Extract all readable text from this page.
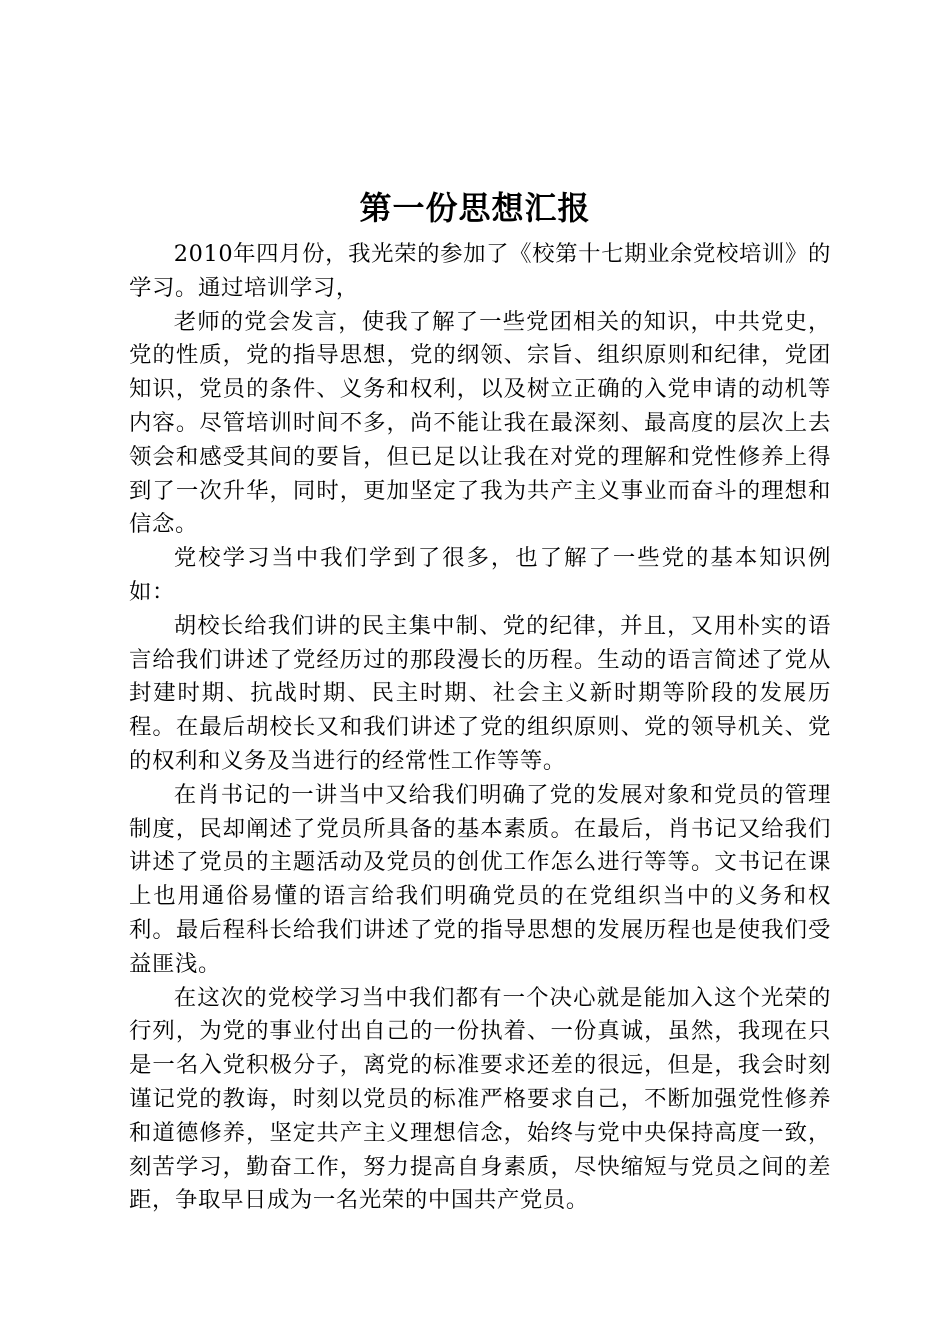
第一份思想汇报

2010年四月份，我光荣的参加了《校第十七期业余党校培训》的学习。通过培训学习，

老师的党会发言，使我了解了一些党团相关的知识，中共党史，党的性质，党的指导思想，党的纲领、宗旨、组织原则和纪律，党团知识，党员的条件、义务和权利，以及树立正确的入党申请的动机等内容。尽管培训时间不多，尚不能让我在最深刻、最高度的层次上去领会和感受其间的要旨，但已足以让我在对党的理解和党性修养上得到了一次升华，同时，更加坚定了我为共产主义事业而奋斗的理想和信念。

党校学习当中我们学到了很多，也了解了一些党的基本知识例如：

胡校长给我们讲的民主集中制、党的纪律，并且，又用朴实的语言给我们讲述了党经历过的那段漫长的历程。生动的语言简述了党从封建时期、抗战时期、民主时期、社会主义新时期等阶段的发展历程。在最后胡校长又和我们讲述了党的组织原则、党的领导机关、党的权利和义务及当进行的经常性工作等等。

在肖书记的一讲当中又给我们明确了党的发展对象和党员的管理制度，民却阐述了党员所具备的基本素质。在最后，肖书记又给我们讲述了党员的主题活动及党员的创优工作怎么进行等等。文书记在课上也用通俗易懂的语言给我们明确党员的在党组织当中的义务和权利。最后程科长给我们讲述了党的指导思想的发展历程也是使我们受益匪浅。

在这次的党校学习当中我们都有一个决心就是能加入这个光荣的行列，为党的事业付出自己的一份执着、一份真诚，虽然，我现在只是一名入党积极分子，离党的标准要求还差的很远，但是，我会时刻谨记党的教诲，时刻以党员的标准严格要求自己，不断加强党性修养和道德修养，坚定共产主义理想信念，始终与党中央保持高度一致，刻苦学习，勤奋工作，努力提高自身素质，尽快缩短与党员之间的差距，争取早日成为一名光荣的中国共产党员。
